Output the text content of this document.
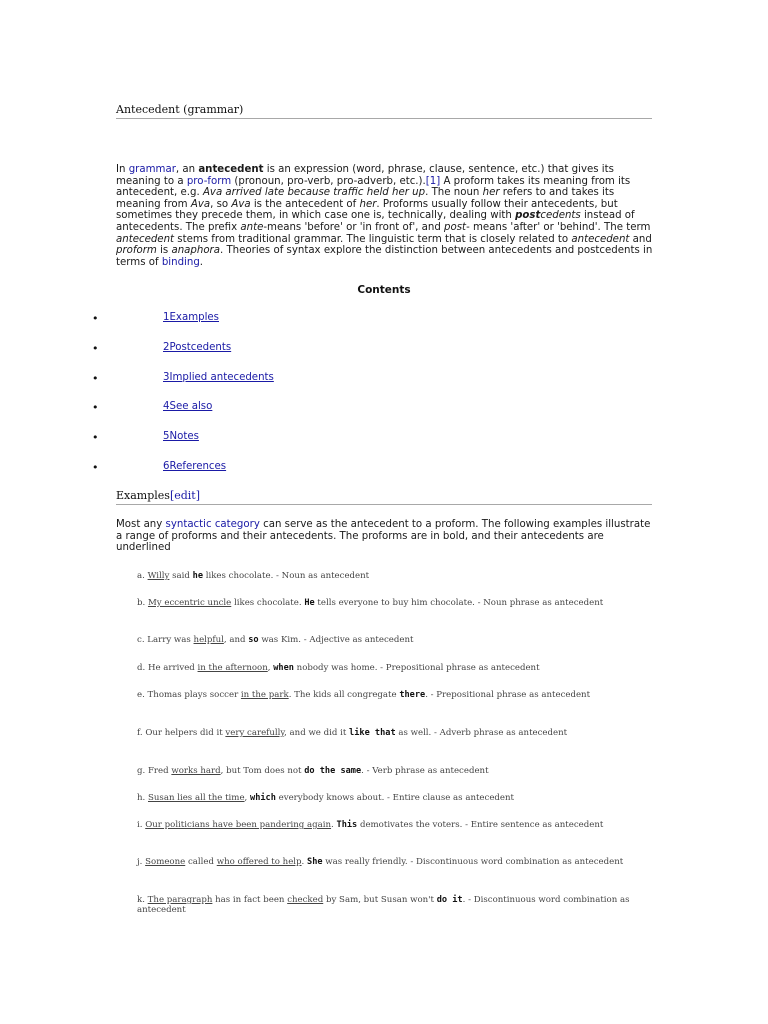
Antecedent (grammar)
In grammar, an antecedent is an expression (word, phrase, clause, sentence, etc.) that gives its meaning to a pro-form (pronoun, pro-verb, pro-adverb, etc.).[1] A proform takes its meaning from its antecedent, e.g. Ava arrived late because traffic held her up. The noun her refers to and takes its meaning from Ava, so Ava is the antecedent of her. Proforms usually follow their antecedents, but sometimes they precede them, in which case one is, technically, dealing with postcedents instead of antecedents. The prefix ante-means 'before' or 'in front of', and post- means 'after' or 'behind'. The term antecedent stems from traditional grammar. The linguistic term that is closely related to antecedent and proform is anaphora. Theories of syntax explore the distinction between antecedents and postcedents in terms of binding.
Contents
•	1Examples
•	2Postcedents
•	3Implied antecedents
•	4See also
•	5Notes
•	6References
Examples[edit]
Most any syntactic category can serve as the antecedent to a proform. The following examples illustrate a range of proforms and their antecedents. The proforms are in bold, and their antecedents are underlined
a. Willy said he likes chocolate. - Noun as antecedent
b. My eccentric uncle likes chocolate. He tells everyone to buy him chocolate. - Noun phrase as antecedent
c. Larry was helpful, and so was Kim. - Adjective as antecedent
d. He arrived in the afternoon, when nobody was home. - Prepositional phrase as antecedent
e. Thomas plays soccer in the park. The kids all congregate there. - Prepositional phrase as antecedent
f. Our helpers did it very carefully, and we did it like that as well. - Adverb phrase as antecedent
g. Fred works hard, but Tom does not do the same. - Verb phrase as antecedent
h. Susan lies all the time, which everybody knows about. - Entire clause as antecedent
i. Our politicians have been pandering again. This demotivates the voters. - Entire sentence as antecedent
j. Someone called who offered to help. She was really friendly. - Discontinuous word combination as antecedent
k. The paragraph has in fact been checked by Sam, but Susan won't do it. - Discontinuous word combination as antecedent
